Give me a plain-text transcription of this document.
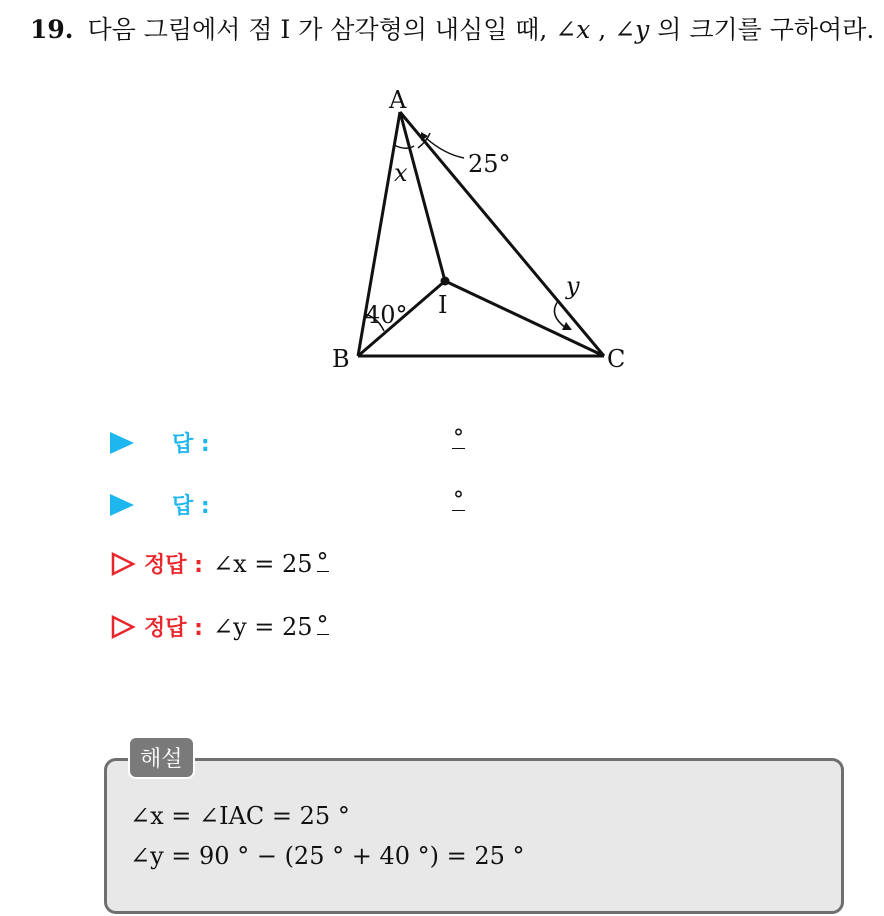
19. 다음 그림에서 점 I 가 삼각형의 내심일 때, ∠x , ∠y 의 크기를 구하여라.
A
B	C
I
x
y
25°
40°
답 :	°
답 :	°
정답 : ∠x = 25 °
정답 : ∠y = 25 °
해설
∠x = ∠IAC = 25 °
∠y = 90 ° − (25 ° + 40 °) = 25 °
